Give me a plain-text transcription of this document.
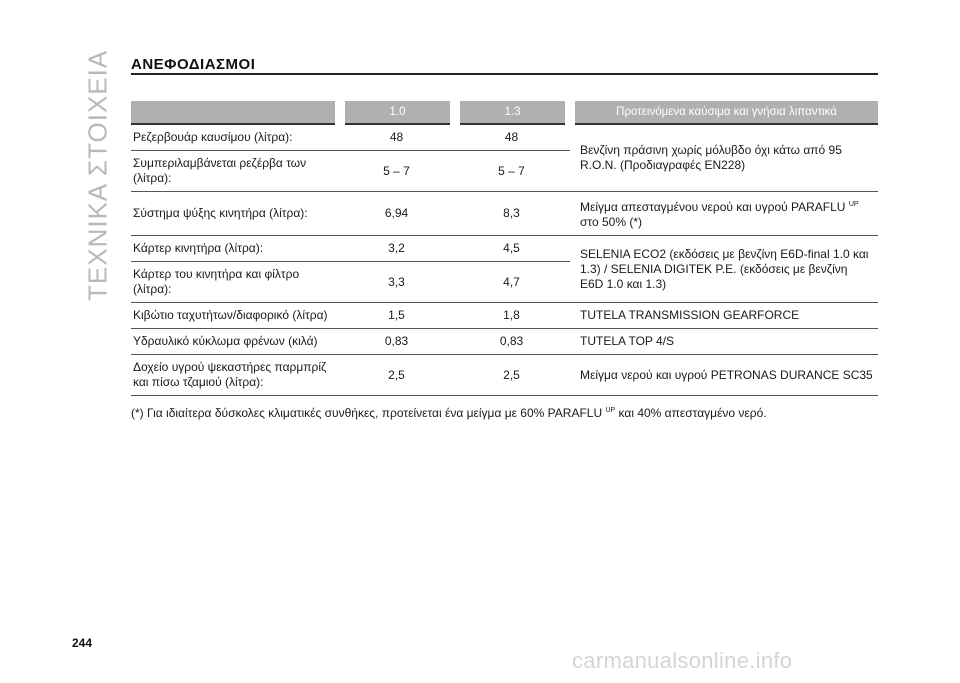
ΤΕΧΝΙΚΑ ΣΤΟΙΧΕΙΑ ΑΝΕΦΟΔΙΑΣΜΟΙ
	1.0	1.3	Προτεινόμενα καύσιμα και γνήσια λιπαντικά
Ρεζερβουάρ καυσίμου (λίτρα):	48	48	Βενζίνη πράσινη χωρίς μόλυβδο όχι κάτω από 95 R.O.N. (Προδιαγραφές EN228)
Συμπεριλαμβάνεται ρεζέρβα των (λίτρα):	5 – 7	5 – 7	
Σύστημα ψύξης κινητήρα (λίτρα):	6,94	8,3	Μείγμα απεσταγμένου νερού και υγρού PARAFLU $^{UP}$ στο 50% (*)
Κάρτερ κινητήρα (λίτρα):	3,2	4,5	SELENIA ECO2 (εκδόσεις με βενζίνη E6D-final 1.0 και 1.3) / SELENIA DIGITEK P.E. (εκδόσεις με βενζίνη E6D 1.0 και 1.3)
Κάρτερ του κινητήρα και φίλτρο (λίτρα):	3,3	4,7	
Κιβώτιο ταχυτήτων/διαφορικό (λίτρα)	1,5	1,8	TUTELA TRANSMISSION GEARFORCE
Υδραυλικό κύκλωμα φρένων (κιλά)	0,83	0,83	TUTELA TOP 4/S
Δοχείο υγρού ψεκαστήρες παρμπρίζ και πίσω τζαμιού (λίτρα):	2,5	2,5	Μείγμα νερού και υγρού PETRONAS DURANCE SC35
(*) Για ιδιαίτερα δύσκολες κλιματικές συνθήκες, προτείνεται ένα μείγμα με 60% PARAFLU $^{UP}$ και 40% απεσταγμένο νερό.
244
carmanualsonline.info
